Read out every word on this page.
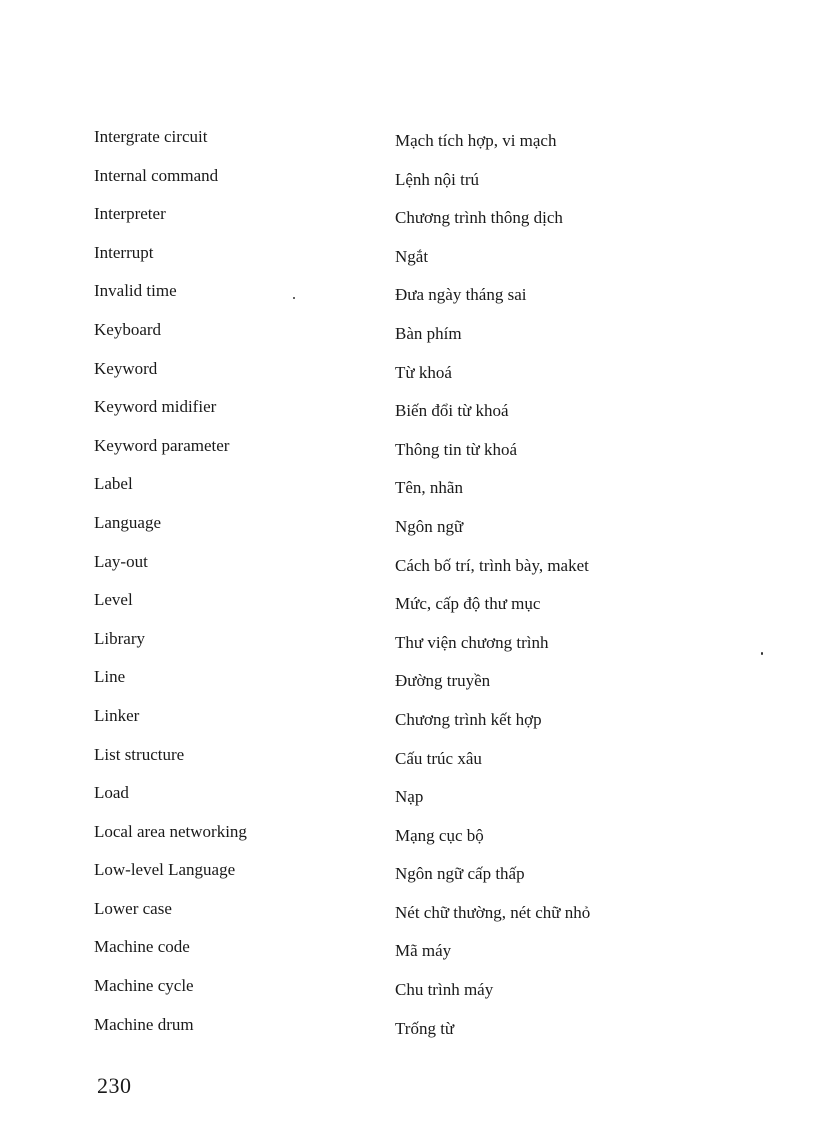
Intergrate circuit	Mạch tích hợp, vi mạch
Internal command	Lệnh nội trú
Interpreter	Chương trình thông dịch
Interrupt	Ngắt
Invalid time	Đưa ngày tháng sai
Keyboard	Bàn phím
Keyword	Từ khoá
Keyword midifier	Biến đổi từ khoá
Keyword parameter	Thông tin từ khoá
Label	Tên, nhãn
Language	Ngôn ngữ
Lay-out	Cách bố trí, trình bày, maket
Level	Mức, cấp độ thư mục
Library	Thư viện chương trình
Line	Đường truyền
Linker	Chương trình kết hợp
List structure	Cấu trúc xâu
Load	Nạp
Local area networking	Mạng cục bộ
Low-level Language	Ngôn ngữ cấp thấp
Lower case	Nét chữ thường, nét chữ nhỏ
Machine code	Mã máy
Machine cycle	Chu trình máy
Machine drum	Trống từ
230
